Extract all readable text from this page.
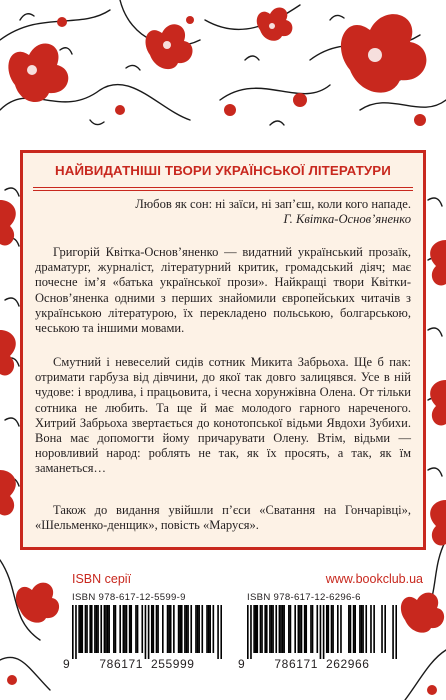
НАЙВИДАТНІШІ ТВОРИ УКРАЇНСЬКОЇ ЛІТЕРАТУРИ
Любов як сон: ні заїси, ні зап’єш, коли кого нападе.
Г. Квітка-Основ’яненко
Григорій Квітка-Основ’яненко — видатний український прозаїк, драматург, журналіст, літературний критик, громадський діяч; має почесне ім’я «батька української прози». Найкращі твори Квітки-Основ’яненка одними з перших знайомили європейських читачів з українською літературою, їх перекладено польською, болгарською, чеською та іншими мовами.
Смутний і невеселий сидів сотник Микита Забрьоха. Ще б пак: отримати гарбуза від дівчини, до якої так довго залицявся. Усе в ній чудове: і вродлива, і працьовита, і чесна хорунжівна Олена. От тільки сотника не любить. Та ще й має молодого гарного нареченого. Хитрий Забрьоха звертається до конотопської відьми Явдохи Зубихи. Вона має допомогти йому причарувати Олену. Втім, відьми — норовливий народ: роблять не так, як їх просять, а так, як їм заманеться…
Також до видання увійшли п’єси «Сватання на Гончарівці», «Шельменко-денщик», повість «Маруся».
ISBN серії
ISBN 978-617-12-5599-9
9 786171 255999
www.bookclub.ua
ISBN 978-617-12-6296-6
9 786171 262966
